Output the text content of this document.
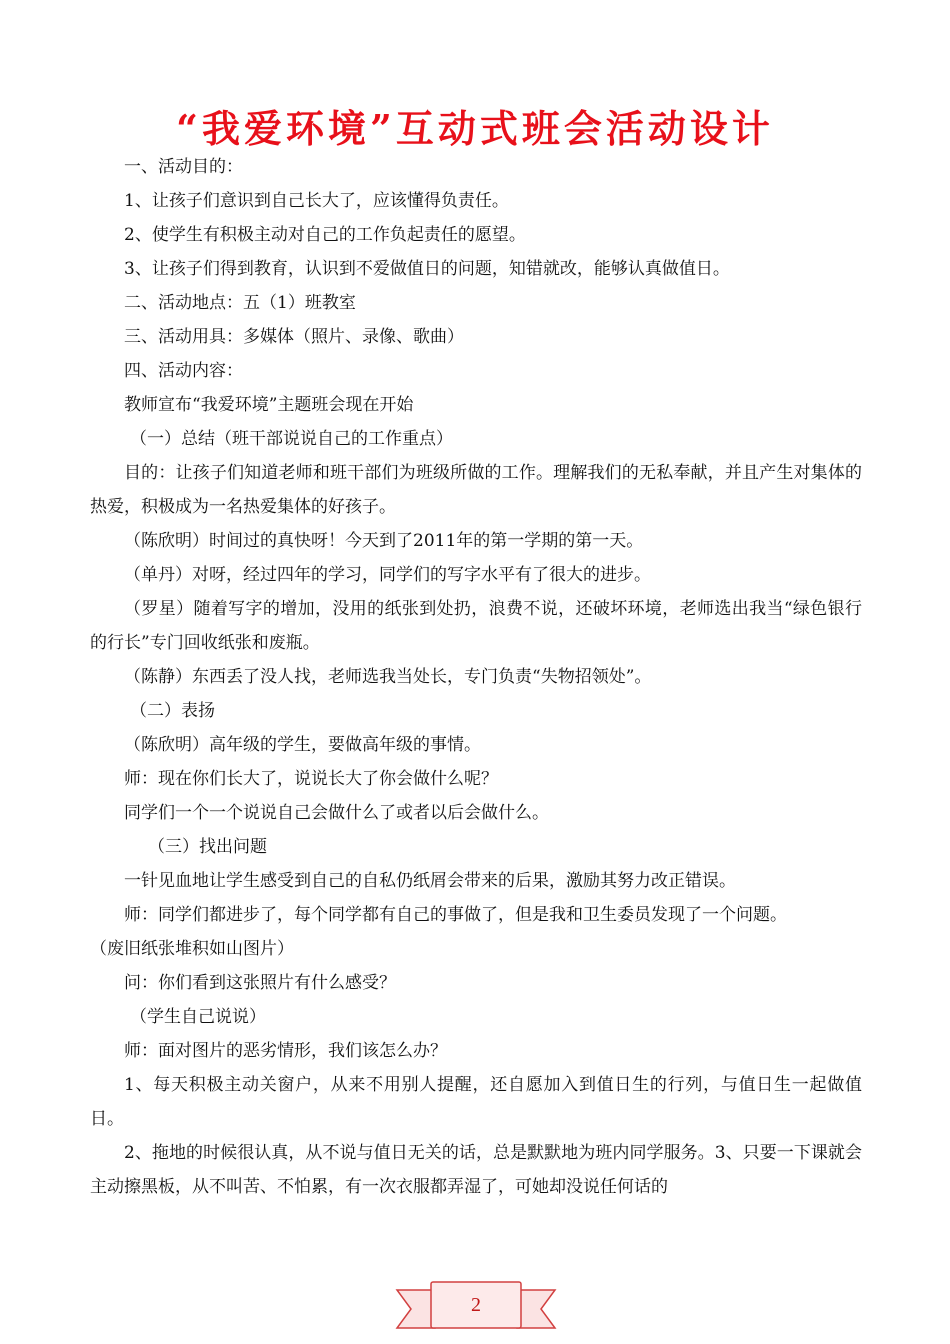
“我爱环境”互动式班会活动设计

一、活动目的：

1、让孩子们意识到自己长大了，应该懂得负责任。

2、使学生有积极主动对自己的工作负起责任的愿望。

3、让孩子们得到教育，认识到不爱做值日的问题，知错就改，能够认真做值日。

二、活动地点：五（1）班教室

三、活动用具：多媒体（照片、录像、歌曲）

四、活动内容：

教师宣布“我爱环境”主题班会现在开始

（一）总结（班干部说说自己的工作重点）

目的：让孩子们知道老师和班干部们为班级所做的工作。理解我们的无私奉献，并且产生对集体的热爱，积极成为一名热爱集体的好孩子。

（陈欣明）时间过的真快呀！今天到了2011年的第一学期的第一天。

（单丹）对呀，经过四年的学习，同学们的写字水平有了很大的进步。

（罗星）随着写字的增加，没用的纸张到处扔，浪费不说，还破坏环境，老师选出我当“绿色银行的行长”专门回收纸张和废瓶。

（陈静）东西丢了没人找，老师选我当处长，专门负责“失物招领处”。

（二）表扬

（陈欣明）高年级的学生，要做高年级的事情。

师：现在你们长大了，说说长大了你会做什么呢？

同学们一个一个说说自己会做什么了或者以后会做什么。

（三）找出问题

一针见血地让学生感受到自己的自私仍纸屑会带来的后果，激励其努力改正错误。

师：同学们都进步了，每个同学都有自己的事做了，但是我和卫生委员发现了一个问题。

（废旧纸张堆积如山图片）

问：你们看到这张照片有什么感受？

（学生自己说说）

师：面对图片的恶劣情形，我们该怎么办？

1、每天积极主动关窗户，从来不用别人提醒，还自愿加入到值日生的行列，与值日生一起做值日。

2、拖地的时候很认真，从不说与值日无关的话，总是默默地为班内同学服务。3、只要一下课就会主动擦黑板，从不叫苦、不怕累，有一次衣服都弄湿了，可她却没说任何话的

2
